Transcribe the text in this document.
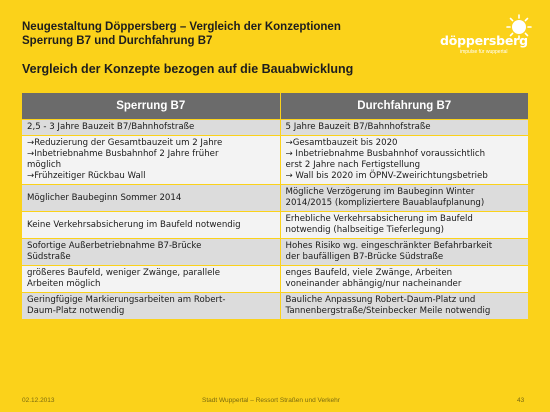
Neugestaltung Döppersberg – Vergleich der Konzeptionen
Sperrung B7 und Durchfahrung B7	döppersberg
impulse für wuppertal
Vergleich der Konzepte bezogen auf die Bauabwicklung
Sperrung B7	Durchfahrung B7

2,5 - 3 Jahre Bauzeit B7/Bahnhofstraße	5 Jahre Bauzeit B7/Bahnhofstraße

→Reduzierung der Gesamtbauzeit um 2 Jahre
→Inbetriebnahme Busbahnhof 2 Jahre früher
möglich
→Frühzeitiger Rückbau Wall	→Gesamtbauzeit bis 2020
→ Inbetriebnahme Busbahnhof voraussichtlich
erst 2 Jahre nach Fertigstellung
→ Wall bis 2020 im ÖPNV-Zweirichtungsbetrieb

Möglicher Baubeginn Sommer 2014	Mögliche Verzögerung im Baubeginn Winter
2014/2015 (kompliziertere Bauablaufplanung)

Keine Verkehrsabsicherung im Baufeld notwendig	Erhebliche Verkehrsabsicherung im Baufeld
notwendig (halbseitige Tieferlegung)

Sofortige Außerbetriebnahme B7-Brücke
Südstraße	Hohes Risiko wg. eingeschränkter Befahrbarkeit
der baufälligen B7-Brücke Südstraße

größeres Baufeld, weniger Zwänge, parallele
Arbeiten möglich	enges Baufeld, viele Zwänge, Arbeiten
voneinander abhängig/nur nacheinander

Geringfügige Markierungsarbeiten am Robert-
Daum-Platz notwendig	Bauliche Anpassung Robert-Daum-Platz und
Tannenbergstraße/Steinbecker Meile notwendig
02.12.2013	Stadt Wuppertal – Ressort Straßen und Verkehr	43
